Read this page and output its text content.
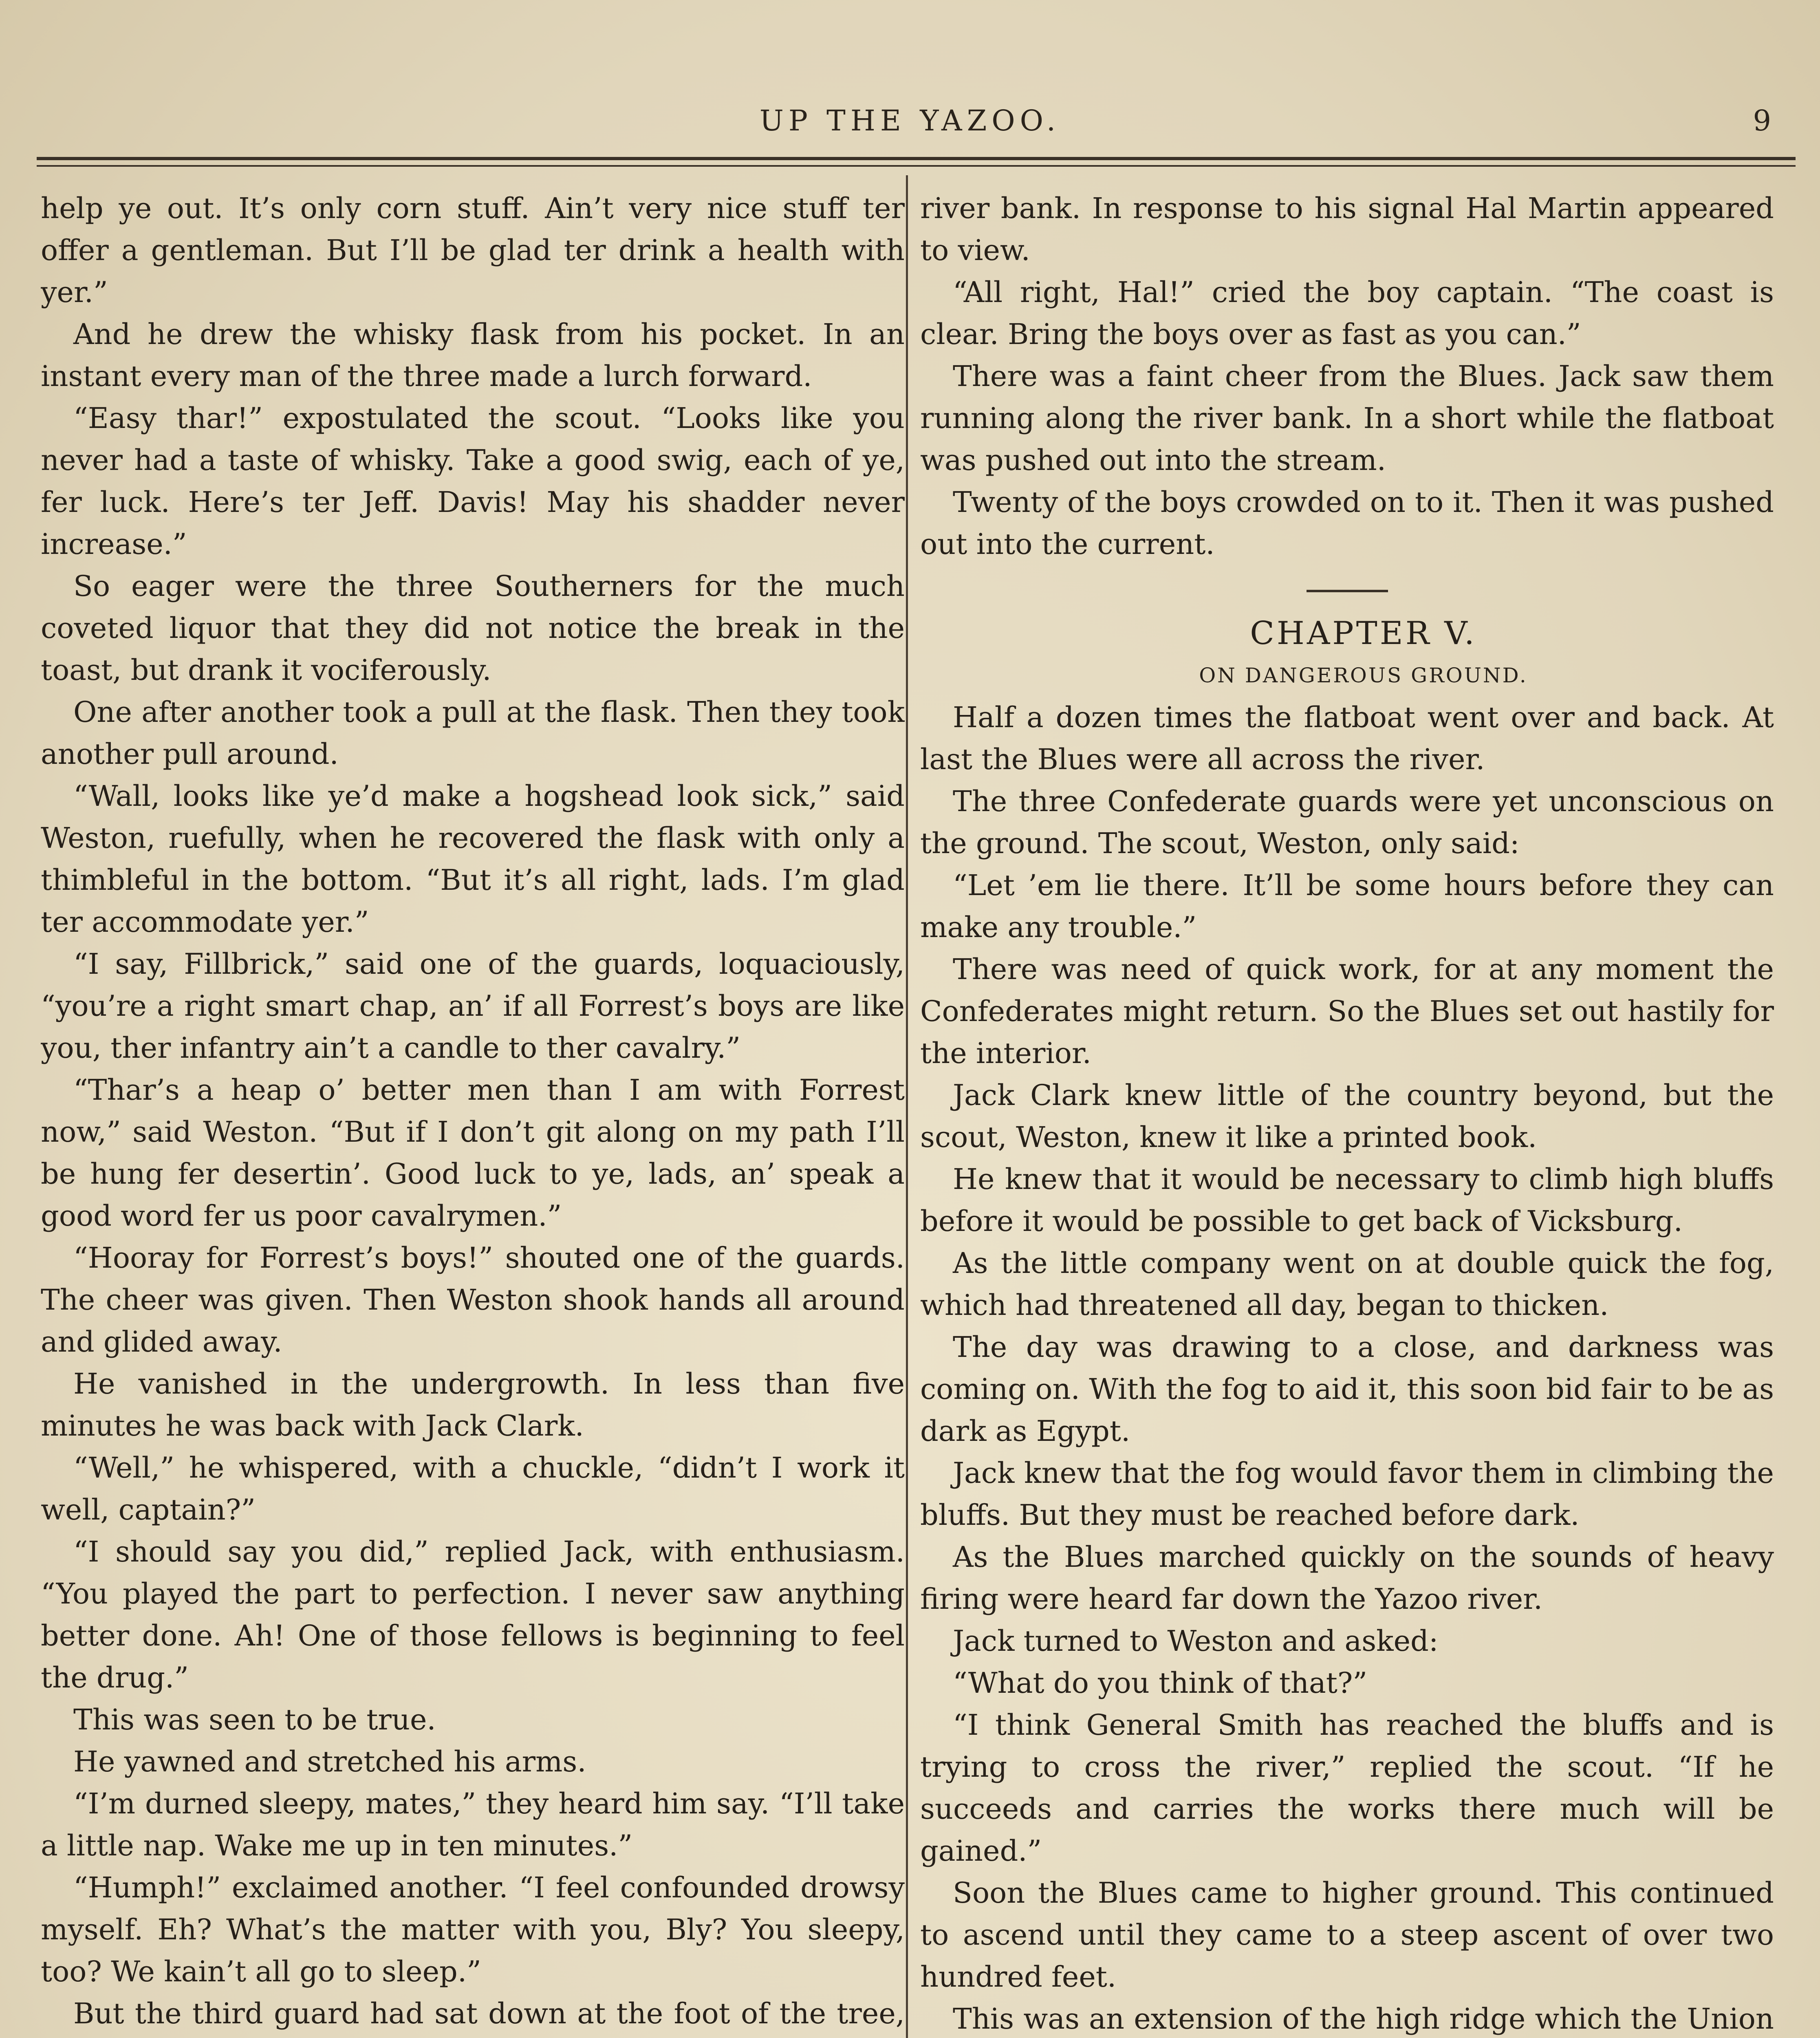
UP THE YAZOO.	9

help ye out. It’s only corn stuff. Ain’t very nice stuff ter offer a gentleman. But I’ll be glad ter drink a health with yer.”

And he drew the whisky flask from his pocket. In an instant every man of the three made a lurch forward.

“Easy thar!” expostulated the scout. “Looks like you never had a taste of whisky. Take a good swig, each of ye, fer luck. Here’s ter Jeff. Davis! May his shadder never increase.”

So eager were the three Southerners for the much coveted liquor that they did not notice the break in the toast, but drank it vociferously.

One after another took a pull at the flask. Then they took another pull around.

“Wall, looks like ye’d make a hogshead look sick,” said Weston, ruefully, when he recovered the flask with only a thimbleful in the bottom. “But it’s all right, lads. I’m glad ter accommodate yer.”

“I say, Fillbrick,” said one of the guards, loquaciously, “you’re a right smart chap, an’ if all Forrest’s boys are like you, ther infantry ain’t a candle to ther cavalry.”

“Thar’s a heap o’ better men than I am with Forrest now,” said Weston. “But if I don’t git along on my path I’ll be hung fer desertin’. Good luck to ye, lads, an’ speak a good word fer us poor cavalrymen.”

“Hooray for Forrest’s boys!” shouted one of the guards. The cheer was given. Then Weston shook hands all around and glided away.

He vanished in the undergrowth. In less than five minutes he was back with Jack Clark.

“Well,” he whispered, with a chuckle, “didn’t I work it well, captain?”

“I should say you did,” replied Jack, with enthusiasm. “You played the part to perfection. I never saw anything better done. Ah! One of those fellows is beginning to feel the drug.”

This was seen to be true.

He yawned and stretched his arms.

“I’m durned sleepy, mates,” they heard him say. “I’ll take a little nap. Wake me up in ten minutes.”

“Humph!” exclaimed another. “I feel confounded drowsy myself. Eh? What’s the matter with you, Bly? You sleepy, too? We kain’t all go to sleep.”

But the third guard had sat down at the foot of the tree,

river bank. In response to his signal Hal Martin appeared to view.

“All right, Hal!” cried the boy captain. “The coast is clear. Bring the boys over as fast as you can.”

There was a faint cheer from the Blues. Jack saw them running along the river bank. In a short while the flatboat was pushed out into the stream.

Twenty of the boys crowded on to it. Then it was pushed out into the current.

CHAPTER V.

ON DANGEROUS GROUND.

Half a dozen times the flatboat went over and back. At last the Blues were all across the river.

The three Confederate guards were yet unconscious on the ground. The scout, Weston, only said:

“Let ’em lie there. It’ll be some hours before they can make any trouble.”

There was need of quick work, for at any moment the Confederates might return. So the Blues set out hastily for the interior.

Jack Clark knew little of the country beyond, but the scout, Weston, knew it like a printed book.

He knew that it would be necessary to climb high bluffs before it would be possible to get back of Vicksburg.

As the little company went on at double quick the fog, which had threatened all day, began to thicken.

The day was drawing to a close, and darkness was coming on. With the fog to aid it, this soon bid fair to be as dark as Egypt.

Jack knew that the fog would favor them in climbing the bluffs. But they must be reached before dark.

As the Blues marched quickly on the sounds of heavy firing were heard far down the Yazoo river.

Jack turned to Weston and asked:

“What do you think of that?”

“I think General Smith has reached the bluffs and is trying to cross the river,” replied the scout. “If he succeeds and carries the works there much will be gained.”

Soon the Blues came to higher ground. This continued to ascend until they came to a steep ascent of over two hundred feet.

This was an extension of the high ridge which the Union
